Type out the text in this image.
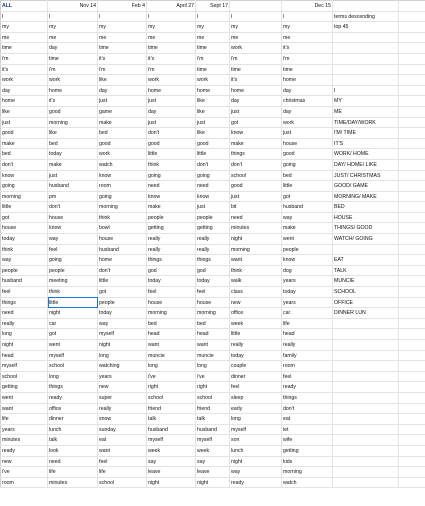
ALL	Nov 14	Feb 4	April 27	Sept 17		Dec 15		
I	I	I	I	I	I	I	terms descending	
my	my	my	my	my	my	my	top 45	
me	me	me	me	me	me	me		
time	day	time	time	time	work	it's		
i'm	time	it's	it's	i'm	i'm	i'm		
it's	i'm	i'm	i'm	time	time	time		
work	work	like	work	work	it's	home		
day	home	day	home	home	home	day	I	
home	it's	just	just	like	day	christmas	MY	
like	good	game	day	like	just	day	ME	
just	morning	make	just	just	got	work	TIME/DAY/WORK	
good	like	bed	don't	like	know	just	I'M/ TIME	
make	bed	good	good	good	make	house	IT'S	
bed	today	work	little	little	things	good	WORK/ HOME	
don't	make	watch	think	don't	don't	going	DAY/ HOME/ LIKE	
know	just	know	going	going	school	bed	JUST/ CHRISTMAS	
going	husband	room	need	need	good	little	GOOD/ GAME	
morning	pm	going	know	know	just	got	MORNING/ MAKE	
little	don't	morning	make	just	bit	husband	BED	
got	house	think	people	people	need	way	HOUSE	
house	know	bowl	getting	getting	minutes	make	THINGS/ GOOD	
today	way	house	really	really	night	went	WATCH/ GOING	
think	feel	husband	really	really	morning	people		
way	going	home	things	things	want	know	EAT	
people	people	don't	god	god	think	dog	TALK	
husband	meeting	little	today	today	walk	years	MUNCIE	
feel	think	got	feel	feel	class	today	SCHOOL	
things	little	people	house	house	new	years	OFFICE	
need	night	today	morning	morning	office	car	DINNER LUN	
really	car	way	bed	bed	week	life		
long	got	myself	head	head	little	head		
night	went	night	want	want	really	really		
head	myself	long	muncie	muncie	today	family		
myself	school	watching	long	long	couple	room		
school	long	years	i've	i've	dinner	feel		
getting	things	new	right	right	feel	ready		
went	ready	super	school	school	sleep	things		
want	office	really	friend	friend	early	don't		
life	dinner	snow	talk	talk	long	eat		
years	lunch	sunday	husband	husband	myself	let		
minutes	talk	eat	myself	myself	son	wife		
ready	look	want	week	week	lunch	getting		
new	need	feel	say	say	night	kids		
i've	life	life	leave	leave	way	morning		
room	minutes	school	night	night	ready	watch		
